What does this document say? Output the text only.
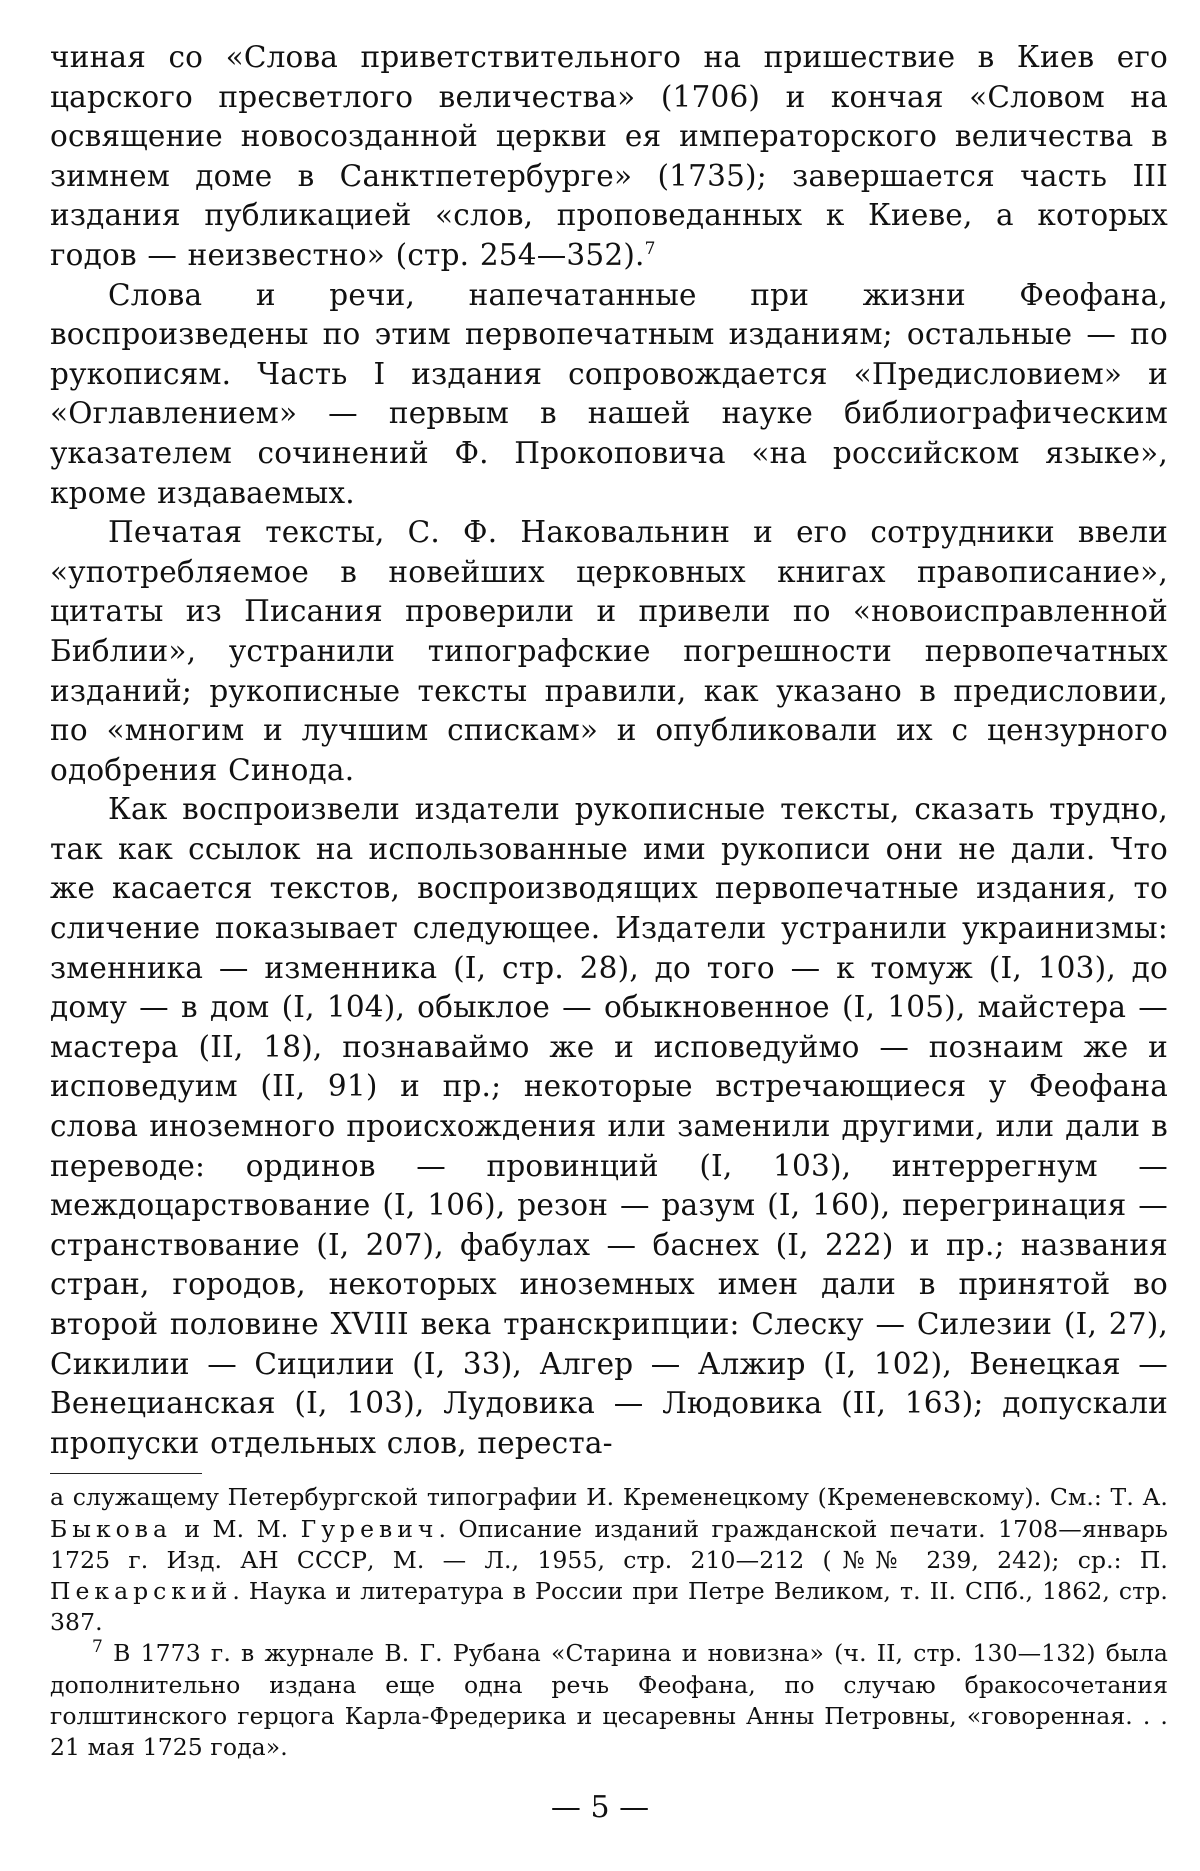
чиная со «Слова приветствительного на пришествие в Киев его царского пресветлого величества» (1706) и кончая «Словом на освящение новосозданной церкви ея императорского величества в зимнем доме в Санктпетербурге» (1735); завершается часть III издания публикацией «слов, проповеданных к Киеве, а которых годов — неизвестно» (стр. 254—352).$^7$

Слова и речи, напечатанные при жизни Феофана, воспроизведены по этим первопечатным изданиям; остальные — по рукописям. Часть I издания сопровождается «Предисловием» и «Оглавлением» — первым в нашей науке библиографическим указателем сочинений Ф. Прокоповича «на российском языке», кроме издаваемых.

Печатая тексты, С. Ф. Наковальнин и его сотрудники ввели «употребляемое в новейших церковных книгах правописание», цитаты из Писания проверили и привели по «новоисправленной Библии», устранили типографские погрешности первопечатных изданий; рукописные тексты правили, как указано в предисловии, по «многим и лучшим спискам» и опубликовали их с цензурного одобрения Синода.

Как воспроизвели издатели рукописные тексты, сказать трудно, так как ссылок на использованные ими рукописи они не дали. Что же касается текстов, воспроизводящих первопечатные издания, то сличение показывает следующее. Издатели устранили украинизмы: зменника — изменника (I, стр. 28), до того — к томуж (I, 103), до дому — в дом (I, 104), обыклое — обыкновенное (I, 105), майстера — мастера (II, 18), познаваймо же и исповедуймо — познаим же и исповедуим (II, 91) и пр.; некоторые встречающиеся у Феофана слова иноземного происхождения или заменили другими, или дали в переводе: ординов — провинций (I, 103), интеррегнум — междоцарствование (I, 106), резон — разум (I, 160), перегринация — странствование (I, 207), фабулах — баснех (I, 222) и пр.; названия стран, городов, некоторых иноземных имен дали в принятой во второй половине XVIII века транскрипции: Слеску — Силезии (I, 27), Сикилии — Сицилии (I, 33), Алгер — Алжир (I, 102), Венецкая — Венецианская (I, 103), Лудовика — Людовика (II, 163); допускали пропуски отдельных слов, переста-

а служащему Петербургской типографии И. Кременецкому (Кременевскому). См.: Т. А. Быкова и М. М. Гуревич. Описание изданий гражданской печати. 1708—январь 1725 г. Изд. АН СССР, М. — Л., 1955, стр. 210—212 (№№ 239, 242); ср.: П. Пекарский. Наука и литература в России при Петре Великом, т. II. СПб., 1862, стр. 387.

$^7$ В 1773 г. в журнале В. Г. Рубана «Старина и новизна» (ч. II, стр. 130—132) была дополнительно издана еще одна речь Феофана, по случаю бракосочетания голштинского герцога Карла-Фредерика и цесаревны Анны Петровны, «говоренная. . . 21 мая 1725 года».

— 5 —
